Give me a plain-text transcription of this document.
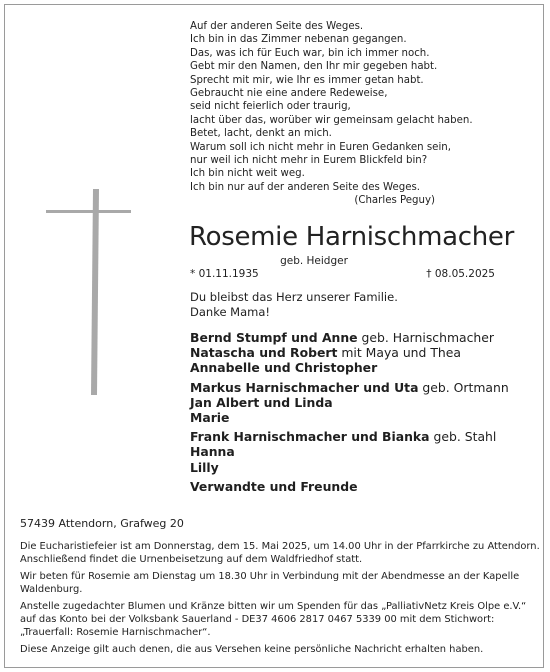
Auf der anderen Seite des Weges.
Ich bin in das Zimmer nebenan gegangen.
Das, was ich für Euch war, bin ich immer noch.
Gebt mir den Namen, den Ihr mir gegeben habt.
Sprecht mit mir, wie Ihr es immer getan habt.
Gebraucht nie eine andere Redeweise,
seid nicht feierlich oder traurig,
lacht über das, worüber wir gemeinsam gelacht haben.
Betet, lacht, denkt an mich.
Warum soll ich nicht mehr in Euren Gedanken sein,
nur weil ich nicht mehr in Eurem Blickfeld bin?
Ich bin nicht weit weg.
Ich bin nur auf der anderen Seite des Weges.
(Charles Peguy)
Rosemie Harnischmacher
geb. Heidger
* 01.11.1935	† 08.05.2025
Du bleibst das Herz unserer Familie.
Danke Mama!
Bernd Stumpf und Anne geb. Harnischmacher
Natascha und Robert mit Maya und Thea
Annabelle und Christopher
Markus Harnischmacher und Uta geb. Ortmann
Jan Albert und Linda
Marie
Frank Harnischmacher und Bianka geb. Stahl
Hanna
Lilly
Verwandte und Freunde
57439 Attendorn, Grafweg 20

Die Eucharistiefeier ist am Donnerstag, dem 15. Mai 2025, um 14.00 Uhr in der Pfarrkirche zu Attendorn. Anschließend findet die Urnenbeisetzung auf dem Waldfriedhof statt.

Wir beten für Rosemie am Dienstag um 18.30 Uhr in Verbindung mit der Abendmesse an der Kapelle Waldenburg.

Anstelle zugedachter Blumen und Kränze bitten wir um Spenden für das „PalliativNetz Kreis Olpe e.V.“ auf das Konto bei der Volksbank Sauerland - DE37 4606 2817 0467 5339 00 mit dem Stichwort: „Trauerfall: Rosemie Harnischmacher“.

Diese Anzeige gilt auch denen, die aus Versehen keine persönliche Nachricht erhalten haben.
